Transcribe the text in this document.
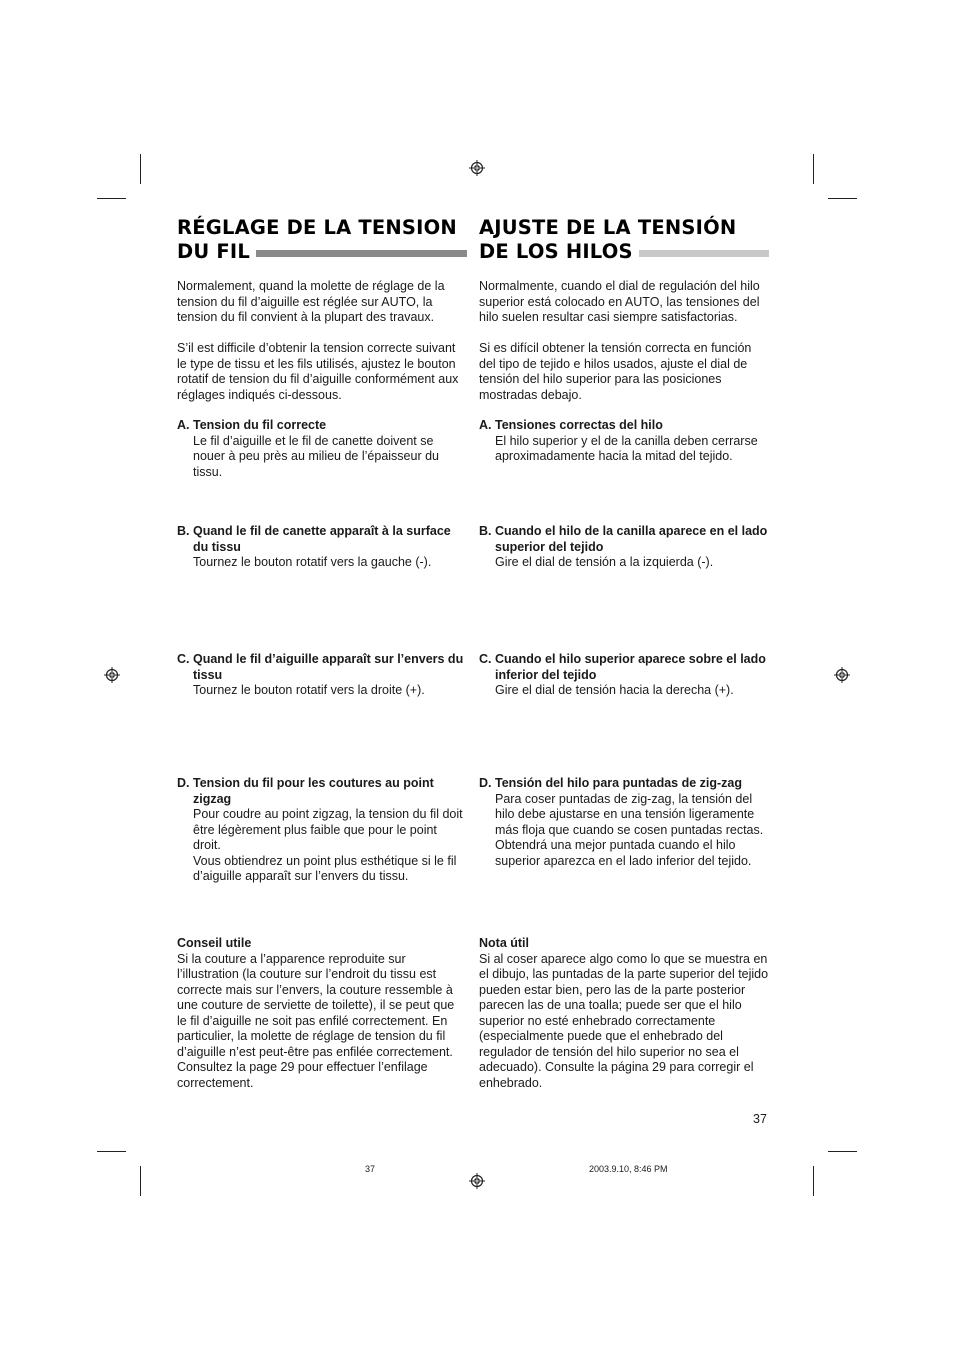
RÉGLAGE DE LA TENSION
DU FIL

Normalement, quand la molette de réglage de la tension du fil d’aiguille est réglée sur AUTO, la tension du fil convient à la plupart des travaux.

S’il est difficile d’obtenir la tension correcte suivant le type de tissu et les fils utilisés, ajustez le bouton rotatif de tension du fil d’aiguille conformément aux réglages indiqués ci-dessous.

A. Tension du fil correcte
Le fil d’aiguille et le fil de canette doivent se nouer à peu près au milieu de l’épaisseur du tissu.
B. Quand le fil de canette apparaît à la surface du tissu
Tournez le bouton rotatif vers la gauche (-).
C. Quand le fil d’aiguille apparaît sur l’envers du tissu
Tournez le bouton rotatif vers la droite (+).
D. Tension du fil pour les coutures au point zigzag
Pour coudre au point zigzag, la tension du fil doit être légèrement plus faible que pour le point droit.
Vous obtiendrez un point plus esthétique si le fil d’aiguille apparaît sur l’envers du tissu.
Conseil utile

Si la couture a l’apparence reproduite sur l’illustration (la couture sur l’endroit du tissu est correcte mais sur l’envers, la couture ressemble à une couture de serviette de toilette), il se peut que le fil d’aiguille ne soit pas enfilé correctement. En particulier, la molette de réglage de tension du fil d’aiguille n’est peut-être pas enfilée correctement. Consultez la page 29 pour effectuer l’enfilage correctement.

AJUSTE DE LA TENSIÓN
DE LOS HILOS

Normalmente, cuando el dial de regulación del hilo superior está colocado en AUTO, las tensiones del hilo suelen resultar casi siempre satisfactorias.

Si es difícil obtener la tensión correcta en función del tipo de tejido e hilos usados, ajuste el dial de tensión del hilo superior para las posiciones mostradas debajo.

A. Tensiones correctas del hilo
El hilo superior y el de la canilla deben cerrarse aproximadamente hacia la mitad del tejido.
B. Cuando el hilo de la canilla aparece en el lado superior del tejido
Gire el dial de tensión a la izquierda (-).
C. Cuando el hilo superior aparece sobre el lado inferior del tejido
Gire el dial de tensión hacia la derecha (+).
D. Tensión del hilo para puntadas de zig-zag
Para coser puntadas de zig-zag, la tensión del hilo debe ajustarse en una tensión ligeramente más floja que cuando se cosen puntadas rectas.
Obtendrá una mejor puntada cuando el hilo superior aparezca en el lado inferior del tejido.
Nota útil

Si al coser aparece algo como lo que se muestra en el dibujo, las puntadas de la parte superior del tejido pueden estar bien, pero las de la parte posterior parecen las de una toalla; puede ser que el hilo superior no esté enhebrado correctamente (especialmente puede que el enhebrado del regulador de tensión del hilo superior no sea el adecuado). Consulte la página 29 para corregir el enhebrado.

37
37	2003.9.10, 8:46 PM
